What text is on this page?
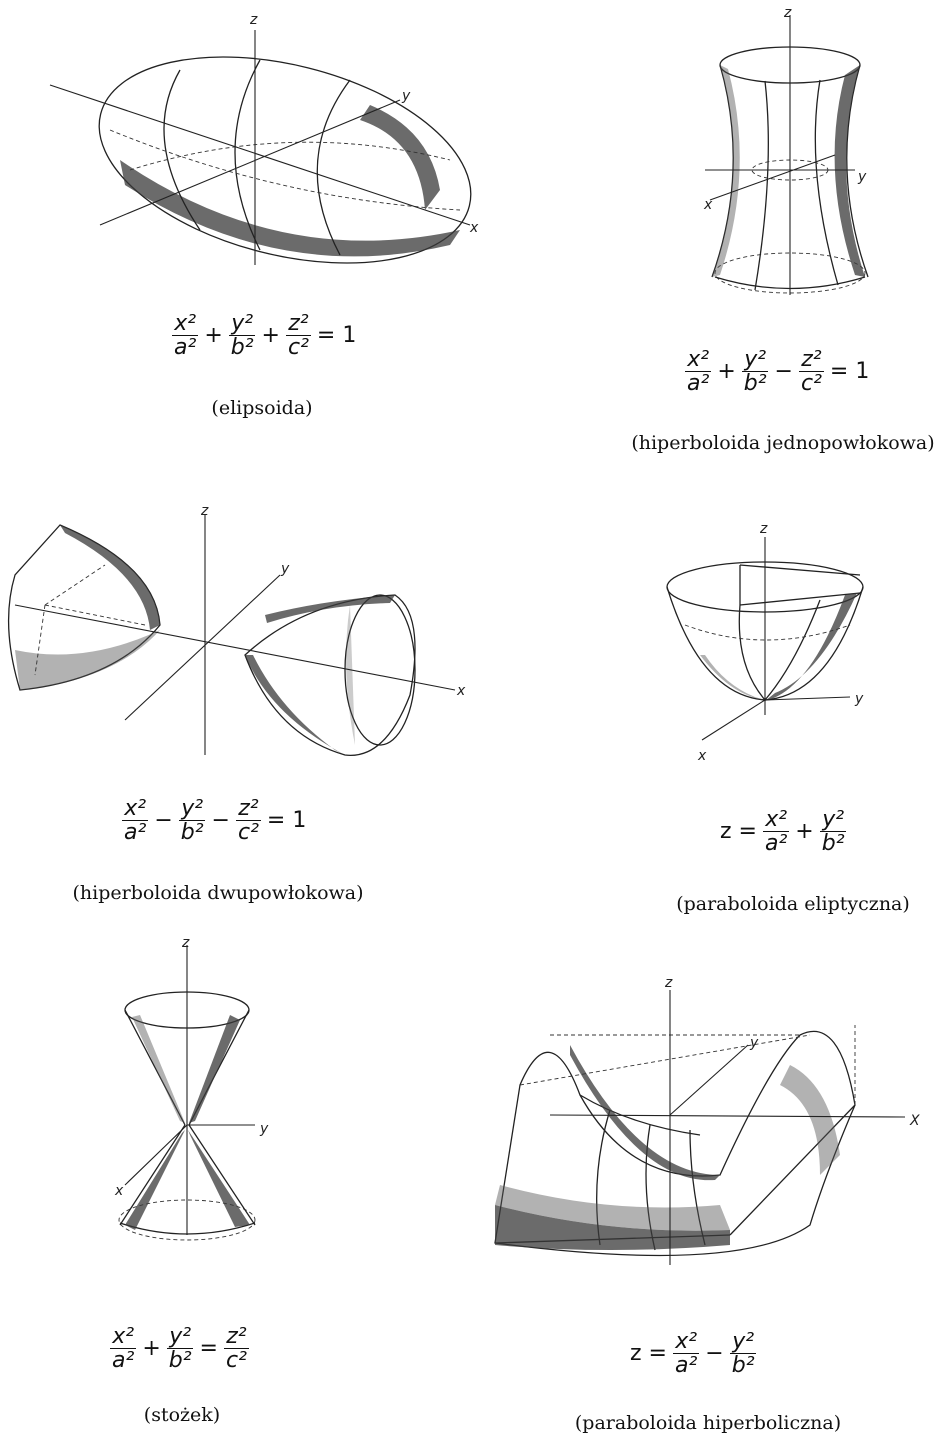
z
x
y
$\frac{\text{x²}}{\text{a²}} + \frac{\text{y²}}{\text{b²}} + \frac{\text{z²}}{\text{c²}} = 1$
(elipsoida)
z
y
x
$\frac{\text{x²}}{\text{a²}} + \frac{\text{y²}}{\text{b²}} - \frac{\text{z²}}{\text{c²}} = 1$
(hiperboloida jednopowłokowa)
z
y
x
$\frac{\text{x²}}{\text{a²}} - \frac{\text{y²}}{\text{b²}} - \frac{\text{z²}}{\text{c²}} = 1$
(hiperboloida dwupowłokowa)
z
y
x
$z = \frac{\text{x²}}{\text{a²}} + \frac{\text{y²}}{\text{b²}}$
(paraboloida eliptyczna)
z
y
x
$\frac{\text{x²}}{\text{a²}} + \frac{\text{y²}}{\text{b²}} = \frac{\text{z²}}{\text{c²}}$
(stożek)
z
X
y
$z = \frac{\text{x²}}{\text{a²}} - \frac{\text{y²}}{\text{b²}}$
(paraboloida hiperboliczna)
